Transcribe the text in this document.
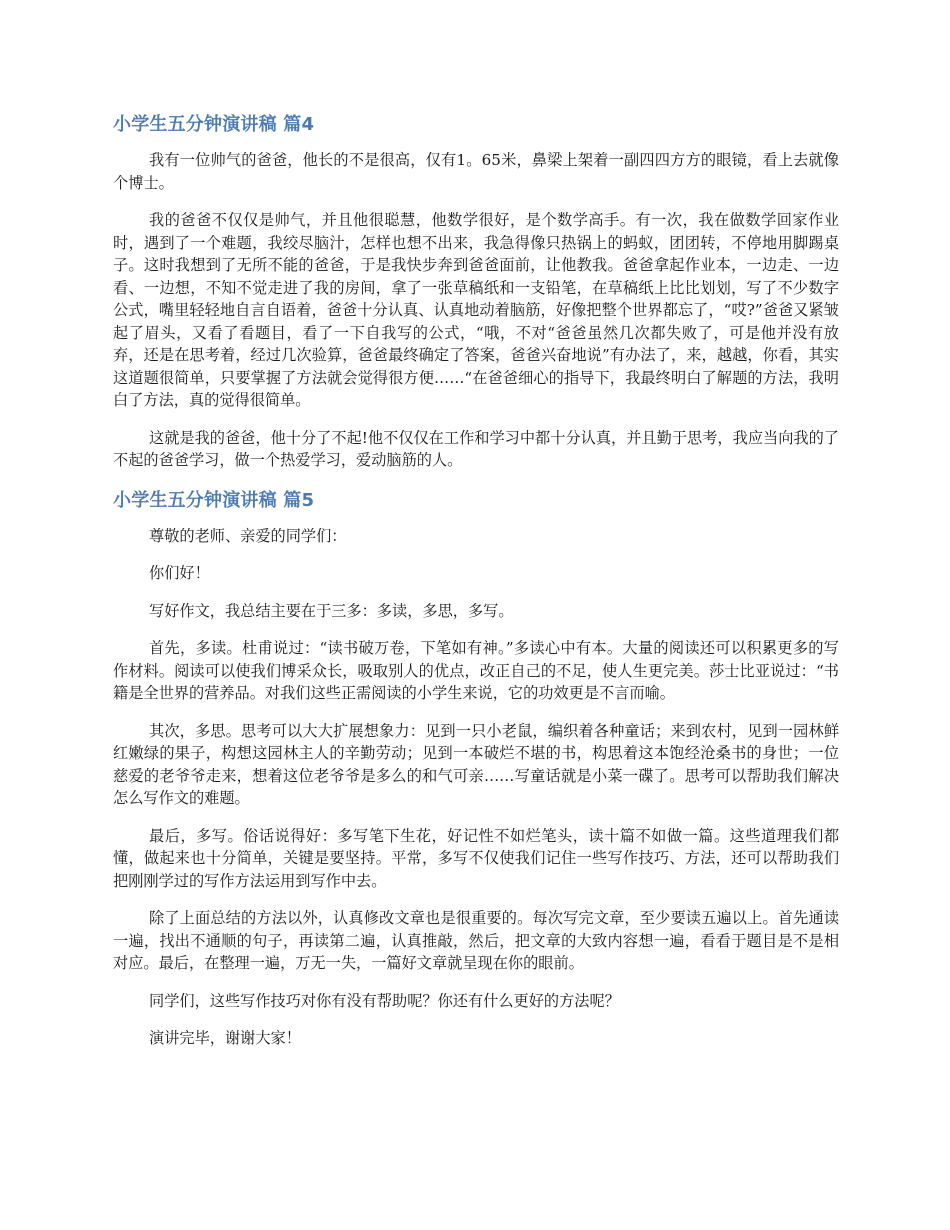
小学生五分钟演讲稿 篇4

我有一位帅气的爸爸，他长的不是很高，仅有1。65米，鼻梁上架着一副四四方方的眼镜，看上去就像个博士。

我的爸爸不仅仅是帅气，并且他很聪慧，他数学很好，是个数学高手。有一次，我在做数学回家作业时，遇到了一个难题，我绞尽脑汁，怎样也想不出来，我急得像只热锅上的蚂蚁，团团转，不停地用脚踢桌子。这时我想到了无所不能的爸爸，于是我快步奔到爸爸面前，让他教我。爸爸拿起作业本，一边走、一边看、一边想，不知不觉走进了我的房间，拿了一张草稿纸和一支铅笔，在草稿纸上比比划划，写了不少数字公式，嘴里轻轻地自言自语着，爸爸十分认真、认真地动着脑筋，好像把整个世界都忘了，“哎?”爸爸又紧皱起了眉头，又看了看题目，看了一下自我写的公式，“哦，不对“爸爸虽然几次都失败了，可是他并没有放弃，还是在思考着，经过几次验算，爸爸最终确定了答案，爸爸兴奋地说”有办法了，来，越越，你看，其实这道题很简单，只要掌握了方法就会觉得很方便……“在爸爸细心的指导下，我最终明白了解题的方法，我明白了方法，真的觉得很简单。

这就是我的爸爸，他十分了不起!他不仅仅在工作和学习中都十分认真，并且勤于思考，我应当向我的了不起的爸爸学习，做一个热爱学习，爱动脑筋的人。

小学生五分钟演讲稿 篇5

尊敬的老师、亲爱的同学们：

你们好！

写好作文，我总结主要在于三多：多读，多思，多写。

首先，多读。杜甫说过：“读书破万卷，下笔如有神。”多读心中有本。大量的阅读还可以积累更多的写作材料。阅读可以使我们博采众长，吸取别人的优点，改正自己的不足，使人生更完美。莎士比亚说过：“书籍是全世界的营养品。对我们这些正需阅读的小学生来说，它的功效更是不言而喻。

其次，多思。思考可以大大扩展想象力：见到一只小老鼠，编织着各种童话；来到农村，见到一园林鲜红嫩绿的果子，构想这园林主人的辛勤劳动；见到一本破烂不堪的书，构思着这本饱经沧桑书的身世；一位慈爱的老爷爷走来，想着这位老爷爷是多么的和气可亲……写童话就是小菜一碟了。思考可以帮助我们解决怎么写作文的难题。

最后，多写。俗话说得好：多写笔下生花，好记性不如烂笔头，读十篇不如做一篇。这些道理我们都懂，做起来也十分简单，关键是要坚持。平常，多写不仅使我们记住一些写作技巧、方法，还可以帮助我们把刚刚学过的写作方法运用到写作中去。

除了上面总结的方法以外，认真修改文章也是很重要的。每次写完文章，至少要读五遍以上。首先通读一遍，找出不通顺的句子，再读第二遍，认真推敲，然后，把文章的大致内容想一遍，看看于题目是不是相对应。最后，在整理一遍，万无一失，一篇好文章就呈现在你的眼前。

同学们，这些写作技巧对你有没有帮助呢？你还有什么更好的方法呢？

演讲完毕，谢谢大家！
